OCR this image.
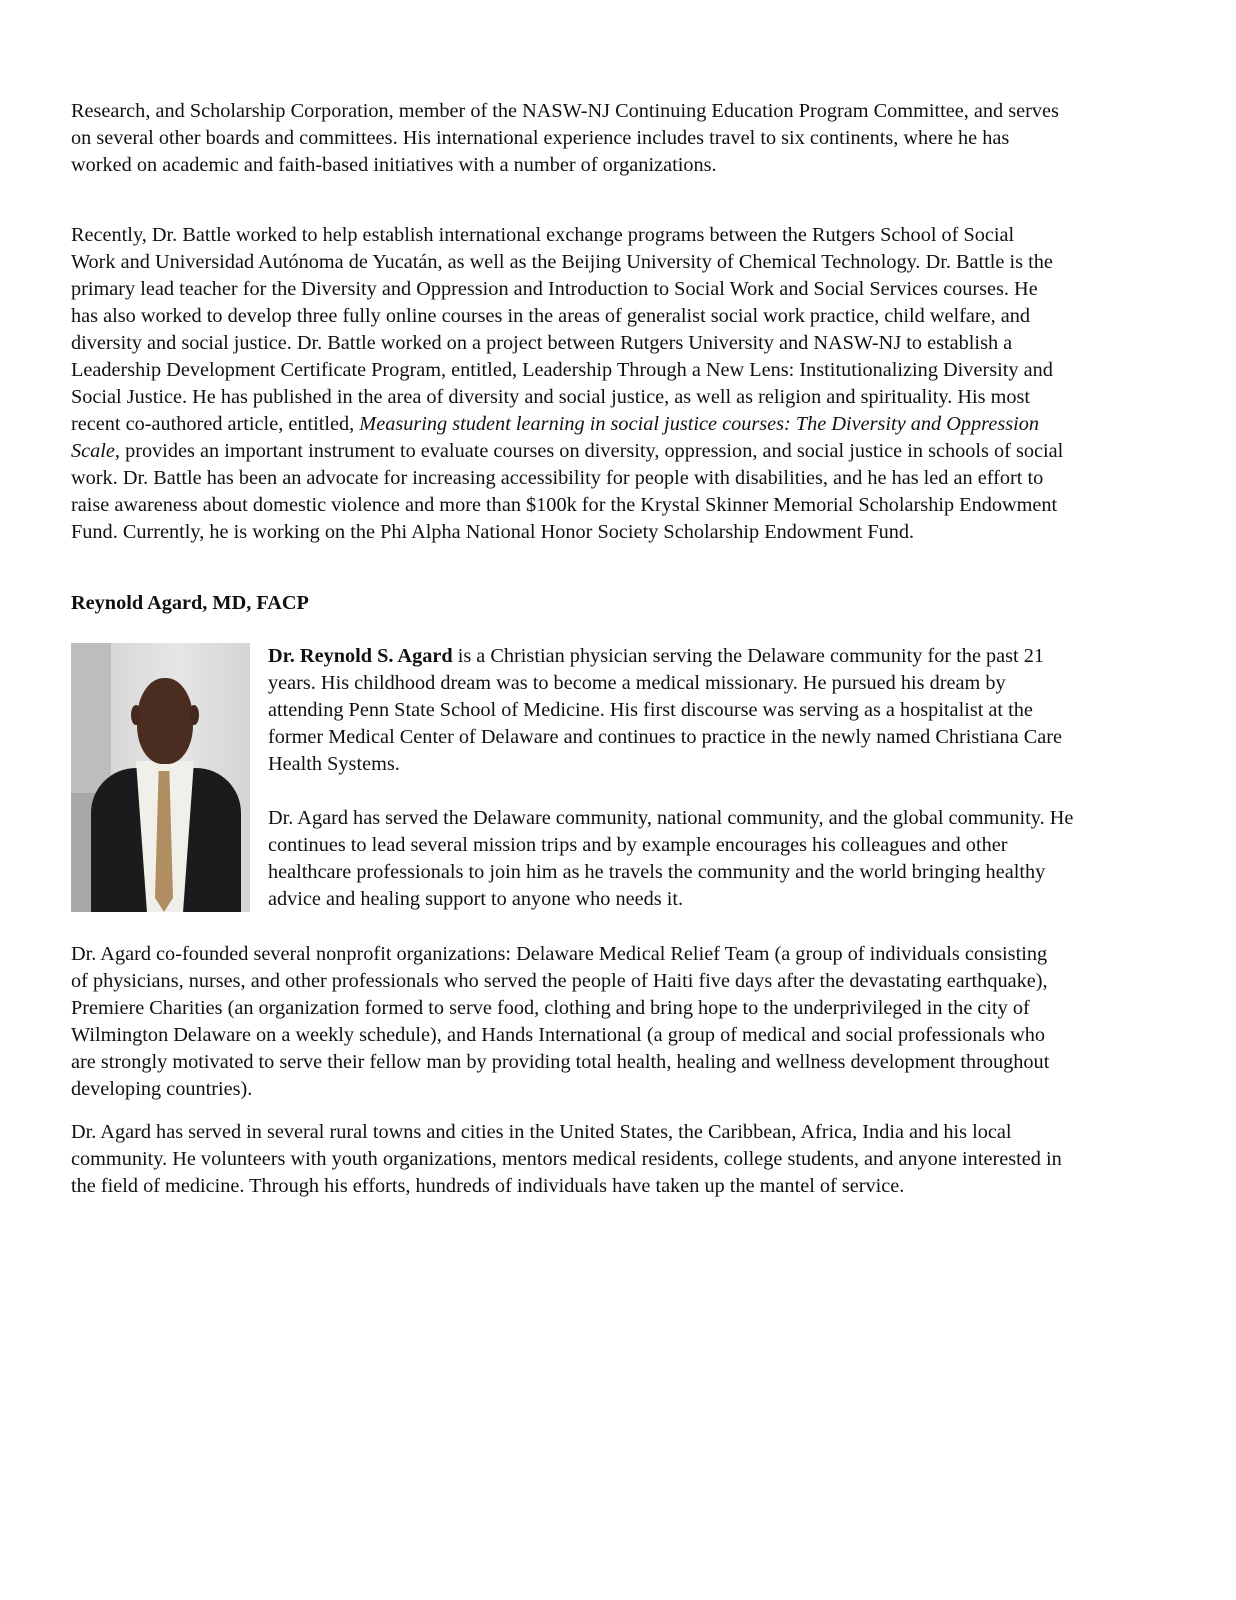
Research, and Scholarship Corporation, member of the NASW-NJ Continuing Education Program Committee, and serves
on several other boards and committees. His international experience includes travel to six continents, where he has
worked on academic and faith-based initiatives with a number of organizations.
Recently, Dr. Battle worked to help establish international exchange programs between the Rutgers School of Social
Work and Universidad Autónoma de Yucatán, as well as the Beijing University of Chemical Technology. Dr. Battle is the
primary lead teacher for the Diversity and Oppression and Introduction to Social Work and Social Services courses. He
has also worked to develop three fully online courses in the areas of generalist social work practice, child welfare, and
diversity and social justice. Dr. Battle worked on a project between Rutgers University and NASW-NJ to establish a
Leadership Development Certificate Program, entitled, Leadership Through a New Lens: Institutionalizing Diversity and
Social Justice. He has published in the area of diversity and social justice, as well as religion and spirituality. His most
recent co-authored article, entitled, Measuring student learning in social justice courses: The Diversity and Oppression
Scale, provides an important instrument to evaluate courses on diversity, oppression, and social justice in schools of social
work. Dr. Battle has been an advocate for increasing accessibility for people with disabilities, and he has led an effort to
raise awareness about domestic violence and more than $100k for the Krystal Skinner Memorial Scholarship Endowment
Fund. Currently, he is working on the Phi Alpha National Honor Society Scholarship Endowment Fund.
Reynold Agard, MD, FACP
Dr. Reynold S. Agard is a Christian physician serving the Delaware community for the past 21
years. His childhood dream was to become a medical missionary. He pursued his dream by
attending Penn State School of Medicine. His first discourse was serving as a hospitalist at the
former Medical Center of Delaware and continues to practice in the newly named Christiana Care
Health Systems.
Dr. Agard has served the Delaware community, national community, and the global community. He
continues to lead several mission trips and by example encourages his colleagues and other
healthcare professionals to join him as he travels the community and the world bringing healthy
advice and healing support to anyone who needs it.
Dr. Agard co-founded several nonprofit organizations: Delaware Medical Relief Team (a group of individuals consisting
of physicians, nurses, and other professionals who served the people of Haiti five days after the devastating earthquake),
Premiere Charities (an organization formed to serve food, clothing and bring hope to the underprivileged in the city of
Wilmington Delaware on a weekly schedule), and Hands International (a group of medical and social professionals who
are strongly motivated to serve their fellow man by providing total health, healing and wellness development throughout
developing countries).
Dr. Agard has served in several rural towns and cities in the United States, the Caribbean, Africa, India and his local
community. He volunteers with youth organizations, mentors medical residents, college students, and anyone interested in
the field of medicine. Through his efforts, hundreds of individuals have taken up the mantel of service.
